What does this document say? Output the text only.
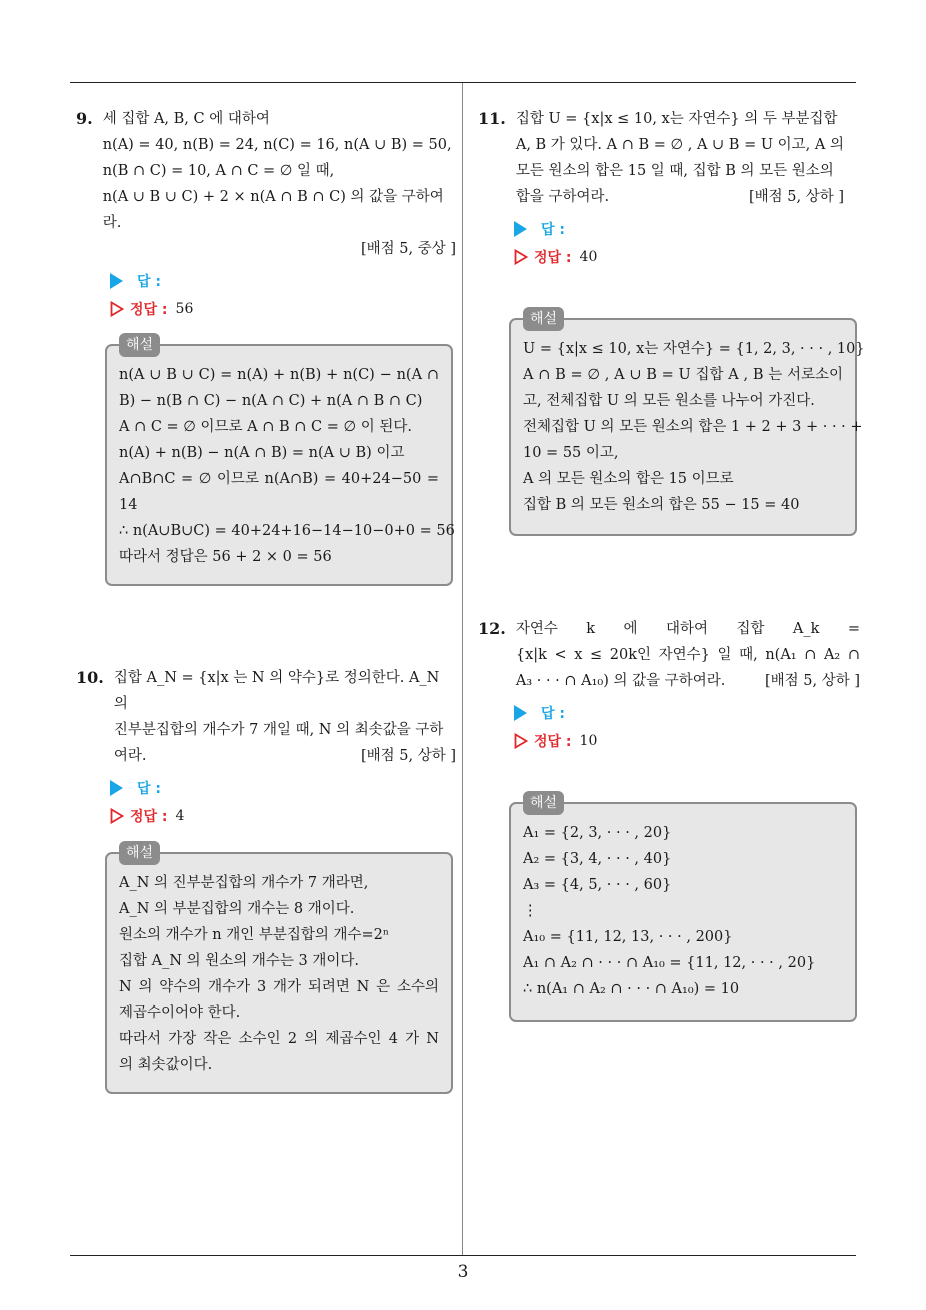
9. 세 집합 A, B, C 에 대하여
n(A) = 40, n(B) = 24, n(C) = 16, n(A ∪ B) = 50,
n(B ∩ C) = 10, A ∩ C = ∅ 일 때,
n(A ∪ B ∪ C) + 2 × n(A ∩ B ∩ C) 의 값을 구하여라.
[배점 5, 중상 ]
답 :
정답 : 56
해설
n(A ∪ B ∪ C) = n(A) + n(B) + n(C) − n(A ∩
B) − n(B ∩ C) − n(A ∩ C) + n(A ∩ B ∩ C)
A ∩ C = ∅ 이므로 A ∩ B ∩ C = ∅ 이 된다.
n(A) + n(B) − n(A ∩ B) = n(A ∪ B) 이고
A∩B∩C = ∅ 이므로 n(A∩B) = 40+24−50 =
14
∴ n(A∪B∪C) = 40+24+16−14−10−0+0 = 56
따라서 정답은 56 + 2 × 0 = 56
10. 집합 A_N = {x|x 는 N 의 약수}로 정의한다. A_N 의
진부분집합의 개수가 7 개일 때, N 의 최솟값을 구하
여라.	[배점 5, 상하 ]
답 :
정답 : 4
해설
A_N 의 진부분집합의 개수가 7 개라면,
A_N 의 부분집합의 개수는 8 개이다.
원소의 개수가 n 개인 부분집합의 개수=2ⁿ
집합 A_N 의 원소의 개수는 3 개이다.
N 의 약수의 개수가 3 개가 되려면 N 은 소수의
제곱수이어야 한다.
따라서 가장 작은 소수인 2 의 제곱수인 4 가 N
의 최솟값이다.
11. 집합 U = {x|x ≤ 10, x는 자연수} 의 두 부분집합
A, B 가 있다. A ∩ B = ∅ , A ∪ B = U 이고, A 의
모든 원소의 합은 15 일 때, 집합 B 의 모든 원소의
합을 구하여라.	[배점 5, 상하 ]
답 :
정답 : 40
해설
U = {x|x ≤ 10, x는 자연수} = {1, 2, 3, · · · , 10}
A ∩ B = ∅ , A ∪ B = U 집합 A , B 는 서로소이
고, 전체집합 U 의 모든 원소를 나누어 가진다.
전체집합 U 의 모든 원소의 합은 1 + 2 + 3 + · · · +
10 = 55 이고,
A 의 모든 원소의 합은 15 이므로
집합 B 의 모든 원소의 합은 55 − 15 = 40
12. 자연수 k 에 대하여 집합 A_k =
{x|k < x ≤ 20k인 자연수} 일 때, n(A₁ ∩ A₂ ∩
A₃ · · · ∩ A₁₀) 의 값을 구하여라.	[배점 5, 상하 ]
답 :
정답 : 10
해설
A₁ = {2, 3, · · · , 20}
A₂ = {3, 4, · · · , 40}
A₃ = {4, 5, · · · , 60}
⋮
A₁₀ = {11, 12, 13, · · · , 200}
A₁ ∩ A₂ ∩ · · · ∩ A₁₀ = {11, 12, · · · , 20}
∴ n(A₁ ∩ A₂ ∩ · · · ∩ A₁₀) = 10
3
